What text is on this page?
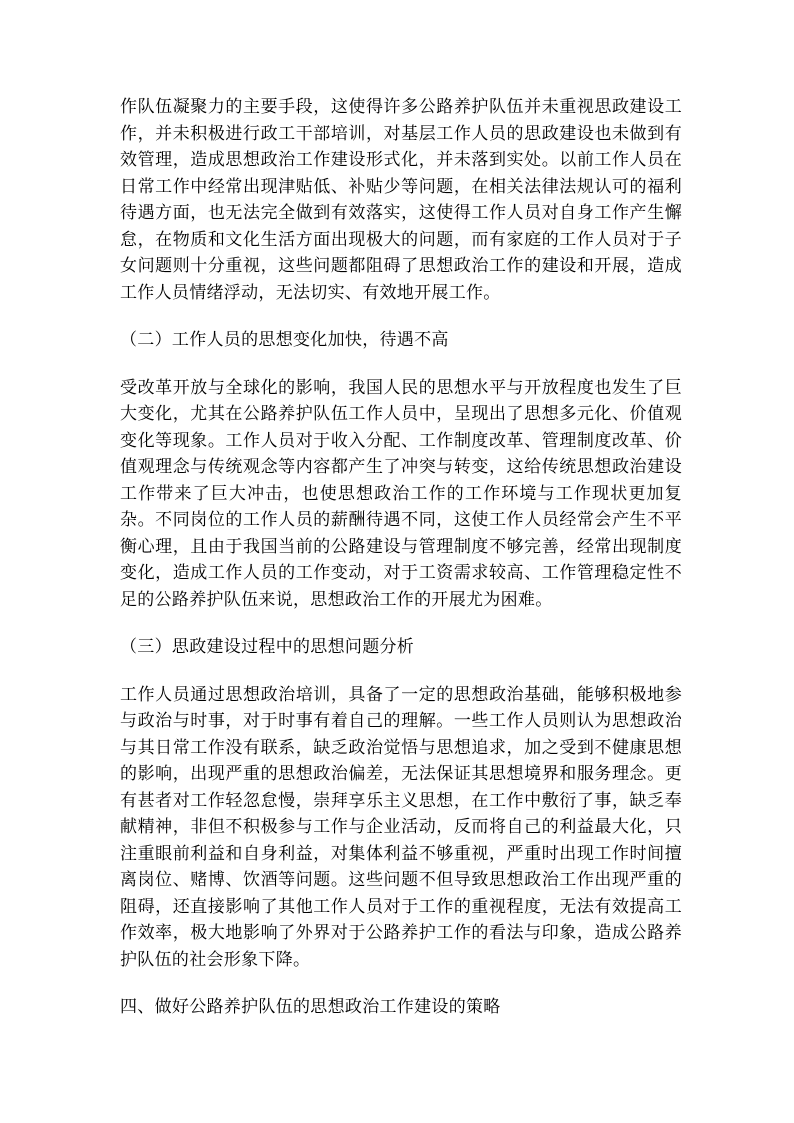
作队伍凝聚力的主要手段，这使得许多公路养护队伍并未重视思政建设工作，并未积极进行政工干部培训，对基层工作人员的思政建设也未做到有效管理，造成思想政治工作建设形式化，并未落到实处。以前工作人员在日常工作中经常出现津贴低、补贴少等问题，在相关法律法规认可的福利待遇方面，也无法完全做到有效落实，这使得工作人员对自身工作产生懈怠，在物质和文化生活方面出现极大的问题，而有家庭的工作人员对于子女问题则十分重视，这些问题都阻碍了思想政治工作的建设和开展，造成工作人员情绪浮动，无法切实、有效地开展工作。

（二）工作人员的思想变化加快，待遇不高

受改革开放与全球化的影响，我国人民的思想水平与开放程度也发生了巨大变化，尤其在公路养护队伍工作人员中，呈现出了思想多元化、价值观变化等现象。工作人员对于收入分配、工作制度改革、管理制度改革、价值观理念与传统观念等内容都产生了冲突与转变，这给传统思想政治建设工作带来了巨大冲击，也使思想政治工作的工作环境与工作现状更加复杂。不同岗位的工作人员的薪酬待遇不同，这使工作人员经常会产生不平衡心理，且由于我国当前的公路建设与管理制度不够完善，经常出现制度变化，造成工作人员的工作变动，对于工资需求较高、工作管理稳定性不足的公路养护队伍来说，思想政治工作的开展尤为困难。

（三）思政建设过程中的思想问题分析

工作人员通过思想政治培训，具备了一定的思想政治基础，能够积极地参与政治与时事，对于时事有着自己的理解。一些工作人员则认为思想政治与其日常工作没有联系，缺乏政治觉悟与思想追求，加之受到不健康思想的影响，出现严重的思想政治偏差，无法保证其思想境界和服务理念。更有甚者对工作轻忽怠慢，崇拜享乐主义思想，在工作中敷衍了事，缺乏奉献精神，非但不积极参与工作与企业活动，反而将自己的利益最大化，只注重眼前利益和自身利益，对集体利益不够重视，严重时出现工作时间擅离岗位、赌博、饮酒等问题。这些问题不但导致思想政治工作出现严重的阻碍，还直接影响了其他工作人员对于工作的重视程度，无法有效提高工作效率，极大地影响了外界对于公路养护工作的看法与印象，造成公路养护队伍的社会形象下降。

四、做好公路养护队伍的思想政治工作建设的策略
